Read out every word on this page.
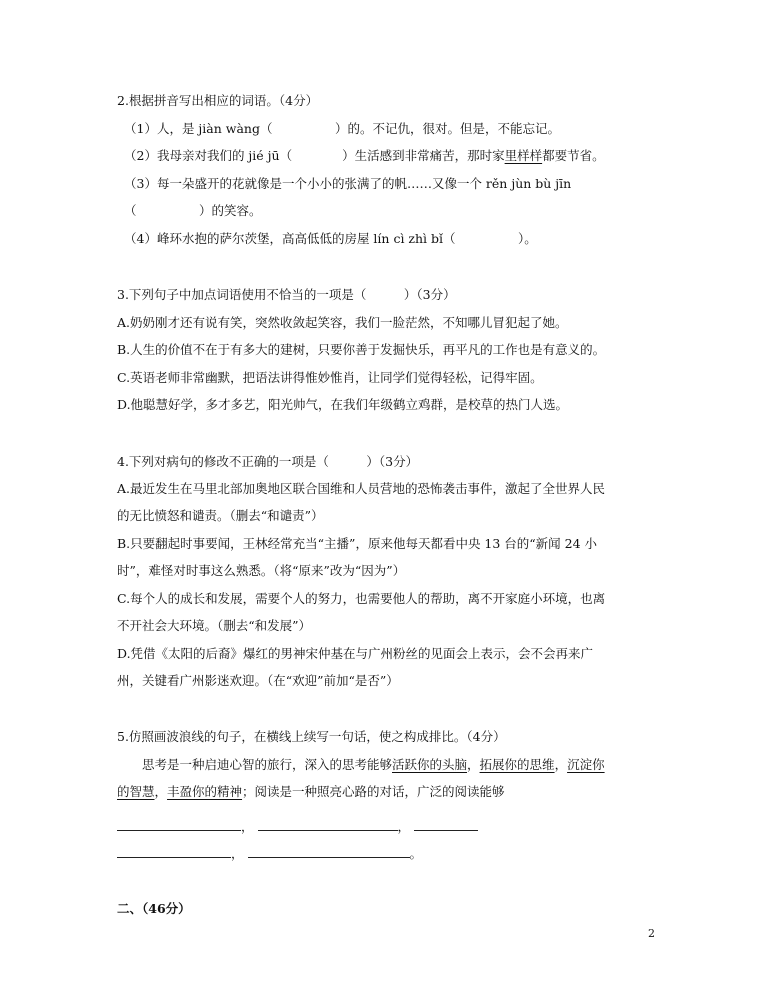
2.根据拼音写出相应的词语。（4分）
（1）人，是 jiàn wàng（　　　　　）的。不记仇，很对。但是，不能忘记。
（2）我母亲对我们的 jié jū（　　　　）生活感到非常痛苦，那时家里样样都要节省。
（3）每一朵盛开的花就像是一个小小的张满了的帆……又像一个 rěn jùn bù jīn
（　　　　　）的笑容。
（4）峰环水抱的萨尔茨堡，高高低低的房屋 lín cì zhì bǐ（　　　　　）。
3.下列句子中加点词语使用不恰当的一项是（　　　）（3分）
A.奶奶刚才还有说有笑，突然收敛起笑容，我们一脸茫然，不知哪儿冒犯起了她。
B.人生的价值不在于有多大的建树，只要你善于发掘快乐，再平凡的工作也是有意义的。
C.英语老师非常幽默，把语法讲得惟妙惟肖，让同学们觉得轻松，记得牢固。
D.他聪慧好学，多才多艺，阳光帅气，在我们年级鹤立鸡群，是校草的热门人选。
4.下列对病句的修改不正确的一项是（　　　）（3分）
A.最近发生在马里北部加奥地区联合国维和人员营地的恐怖袭击事件，激起了全世界人民
的无比愤怒和谴责。（删去“和谴责”）
B.只要翻起时事要闻，王林经常充当“主播”，原来他每天都看中央 13 台的“新闻 24 小
时”，难怪对时事这么熟悉。（将“原来”改为“因为”）
C.每个人的成长和发展，需要个人的努力，也需要他人的帮助，离不开家庭小环境，也离
不开社会大环境。（删去“和发展”）
D.凭借《太阳的后裔》爆红的男神宋仲基在与广州粉丝的见面会上表示，会不会再来广
州，关键看广州影迷欢迎。（在“欢迎”前加“是否”）
5.仿照画波浪线的句子，在横线上续写一句话，使之构成排比。（4分）
思考是一种启迪心智的旅行，深入的思考能够活跃你的头脑，拓展你的思维，沉淀你
的智慧，丰盈你的精神；阅读是一种照亮心路的对话，广泛的阅读能够
，	，
，	。
二、（46分）
2
